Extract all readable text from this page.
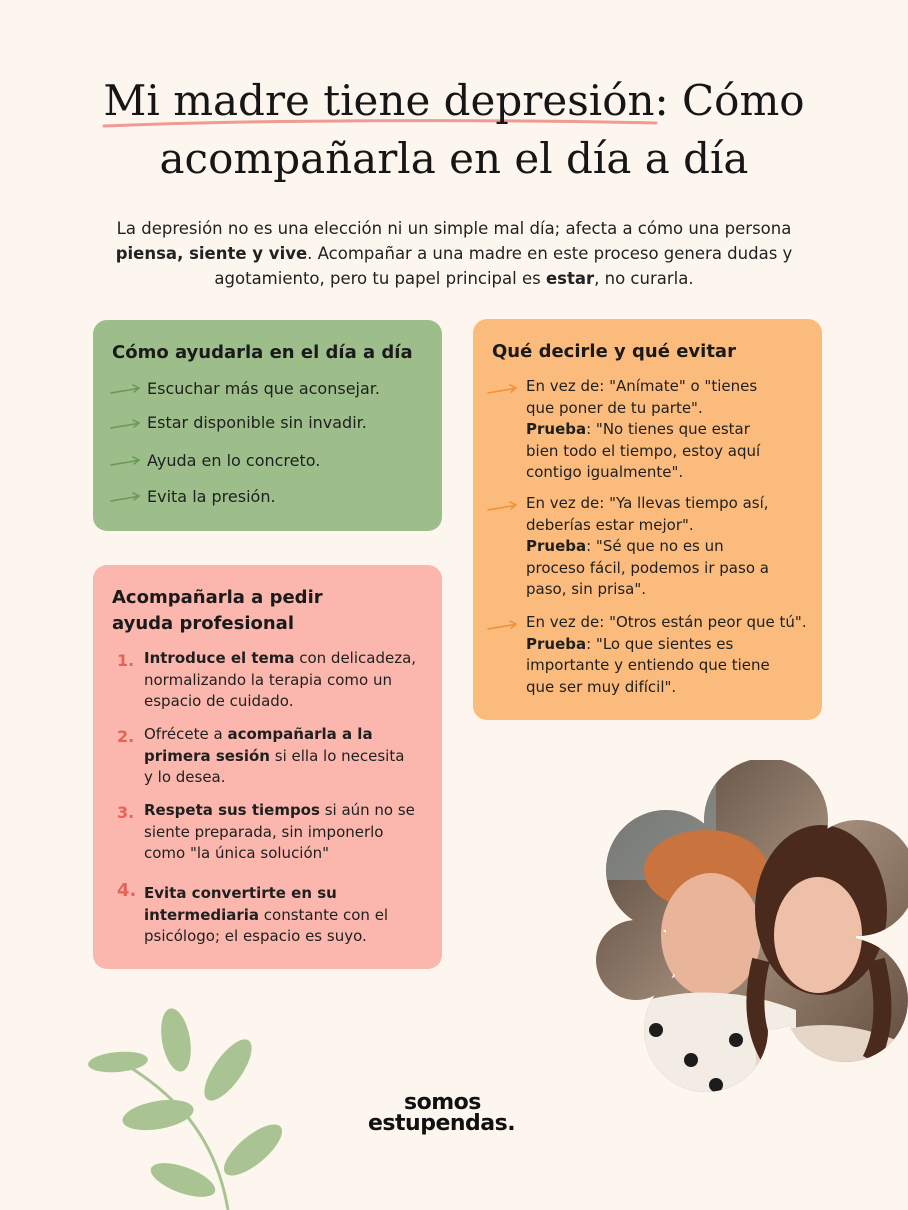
Mi madre tiene depresión: Cómo
acompañarla en el día a día

La depresión no es una elección ni un simple mal día; afecta a cómo una persona piensa, siente y vive. Acompañar a una madre en este proceso genera dudas y agotamiento, pero tu papel principal es estar, no curarla.

Cómo ayudarla en el día a día
Escuchar más que aconsejar.
Estar disponible sin invadir.
Ayuda en lo concreto.
Evita la presión.
Qué decirle y qué evitar
En vez de: "Anímate" o "tienes que poner de tu parte".
Prueba: "No tienes que estar bien todo el tiempo, estoy aquí contigo igualmente".
En vez de: "Ya llevas tiempo así, deberías estar mejor".
Prueba: "Sé que no es un proceso fácil, podemos ir paso a paso, sin prisa".
En vez de: "Otros están peor que tú".
Prueba: "Lo que sientes es importante y entiendo que tiene que ser muy difícil".
Acompañarla a pedir
ayuda profesional
1. Introduce el tema con delicadeza, normalizando la terapia como un espacio de cuidado.
2. Ofrécete a acompañarla a la primera sesión si ella lo necesita y lo desea.
3. Respeta sus tiempos si aún no se siente preparada, sin imponerlo como "la única solución"
4. Evita convertirte en su intermediaria constante con el psicólogo; el espacio es suyo.
somos
estupendas.
